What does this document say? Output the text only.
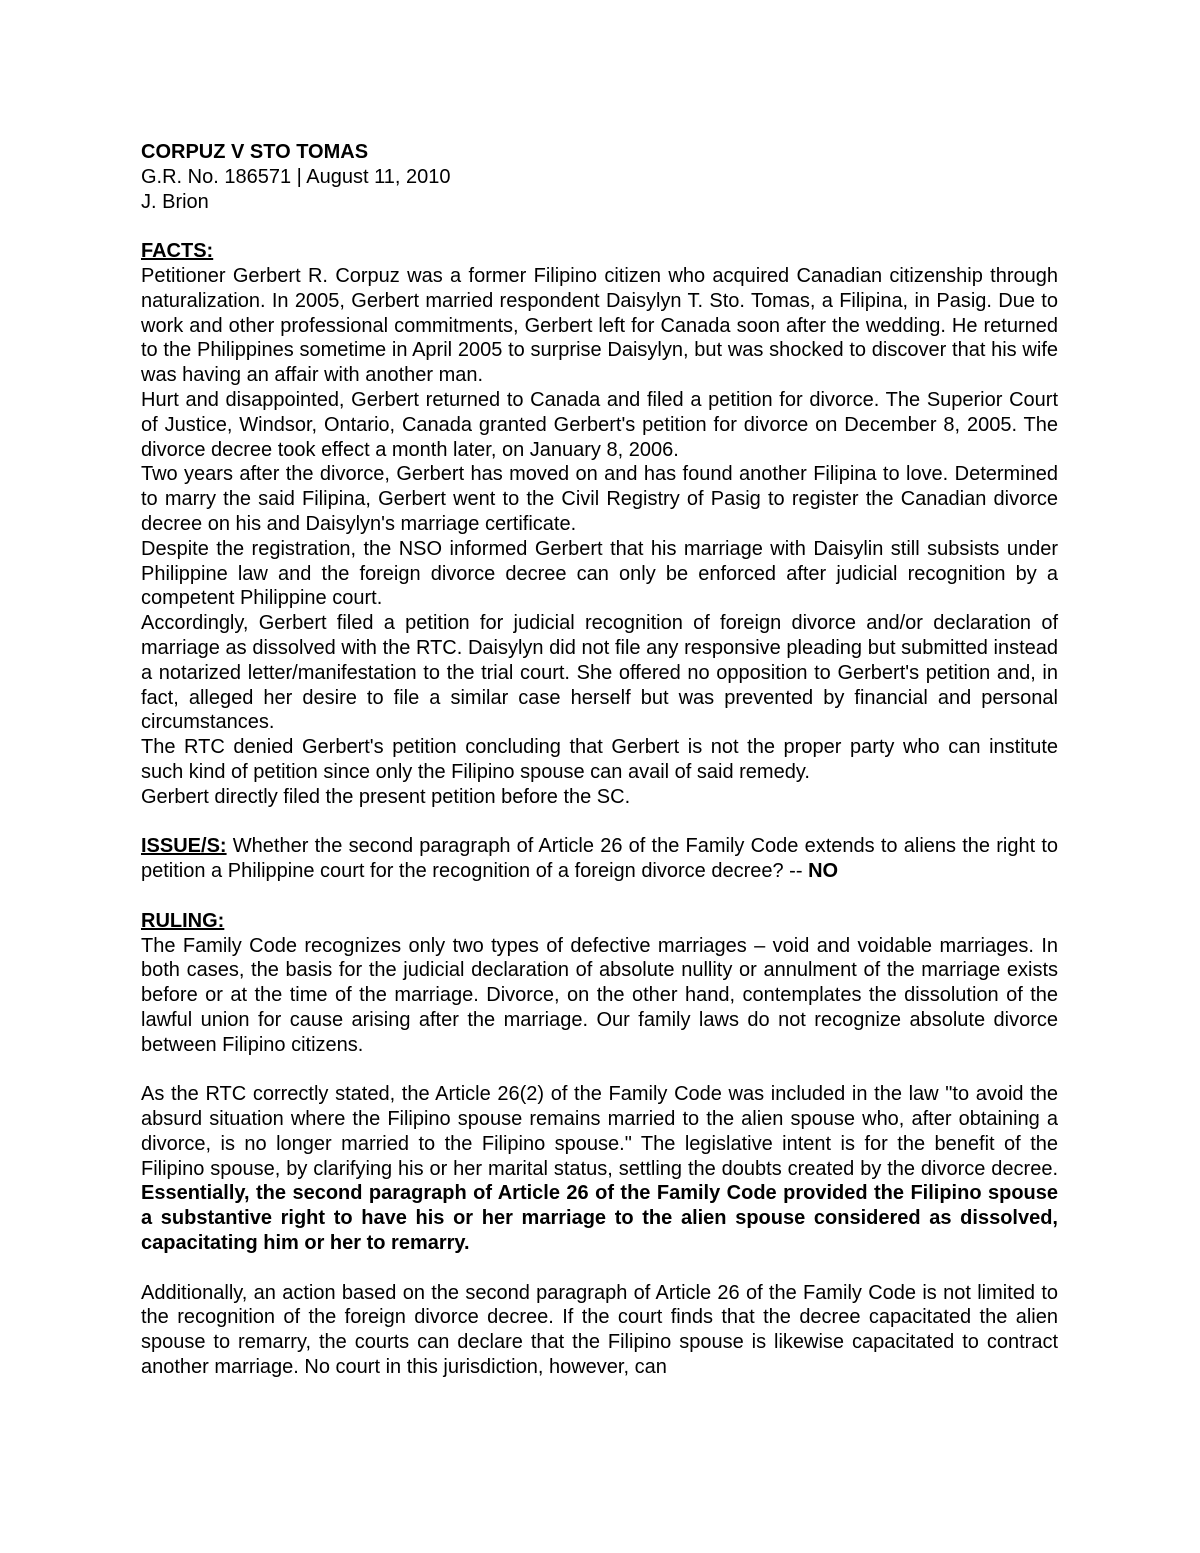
CORPUZ V STO TOMAS

G.R. No. 186571 | August 11, 2010

J. Brion

FACTS:

Petitioner Gerbert R. Corpuz was a former Filipino citizen who acquired Canadian citizenship through naturalization. In 2005, Gerbert married respondent Daisylyn T. Sto. Tomas, a Filipina, in Pasig. Due to work and other professional commitments, Gerbert left for Canada soon after the wedding. He returned to the Philippines sometime in April 2005 to surprise Daisylyn, but was shocked to discover that his wife was having an affair with another man.

Hurt and disappointed, Gerbert returned to Canada and filed a petition for divorce. The Superior Court of Justice, Windsor, Ontario, Canada granted Gerbert's petition for divorce on December 8, 2005. The divorce decree took effect a month later, on January 8, 2006.

Two years after the divorce, Gerbert has moved on and has found another Filipina to love. Determined to marry the said Filipina, Gerbert went to the Civil Registry of Pasig to register the Canadian divorce decree on his and Daisylyn's marriage certificate.

Despite the registration, the NSO informed Gerbert that his marriage with Daisylin still subsists under Philippine law and the foreign divorce decree can only be enforced after judicial recognition by a competent Philippine court.

Accordingly, Gerbert filed a petition for judicial recognition of foreign divorce and/or declaration of marriage as dissolved with the RTC. Daisylyn did not file any responsive pleading but submitted instead a notarized letter/manifestation to the trial court. She offered no opposition to Gerbert's petition and, in fact, alleged her desire to file a similar case herself but was prevented by financial and personal circumstances.

The RTC denied Gerbert's petition concluding that Gerbert is not the proper party who can institute such kind of petition since only the Filipino spouse can avail of said remedy.

Gerbert directly filed the present petition before the SC.

ISSUE/S: Whether the second paragraph of Article 26 of the Family Code extends to aliens the right to petition a Philippine court for the recognition of a foreign divorce decree? -- NO
RULING:

The Family Code recognizes only two types of defective marriages – void and voidable marriages. In both cases, the basis for the judicial declaration of absolute nullity or annulment of the marriage exists before or at the time of the marriage. Divorce, on the other hand, contemplates the dissolution of the lawful union for cause arising after the marriage. Our family laws do not recognize absolute divorce between Filipino citizens.

As the RTC correctly stated, the Article 26(2) of the Family Code was included in the law "to avoid the absurd situation where the Filipino spouse remains married to the alien spouse who, after obtaining a divorce, is no longer married to the Filipino spouse." The legislative intent is for the benefit of the Filipino spouse, by clarifying his or her marital status, settling the doubts created by the divorce decree. Essentially, the second paragraph of Article 26 of the Family Code provided the Filipino spouse a substantive right to have his or her marriage to the alien spouse considered as dissolved, capacitating him or her to remarry.

Additionally, an action based on the second paragraph of Article 26 of the Family Code is not limited to the recognition of the foreign divorce decree. If the court finds that the decree capacitated the alien spouse to remarry, the courts can declare that the Filipino spouse is likewise capacitated to contract another marriage. No court in this jurisdiction, however, can
